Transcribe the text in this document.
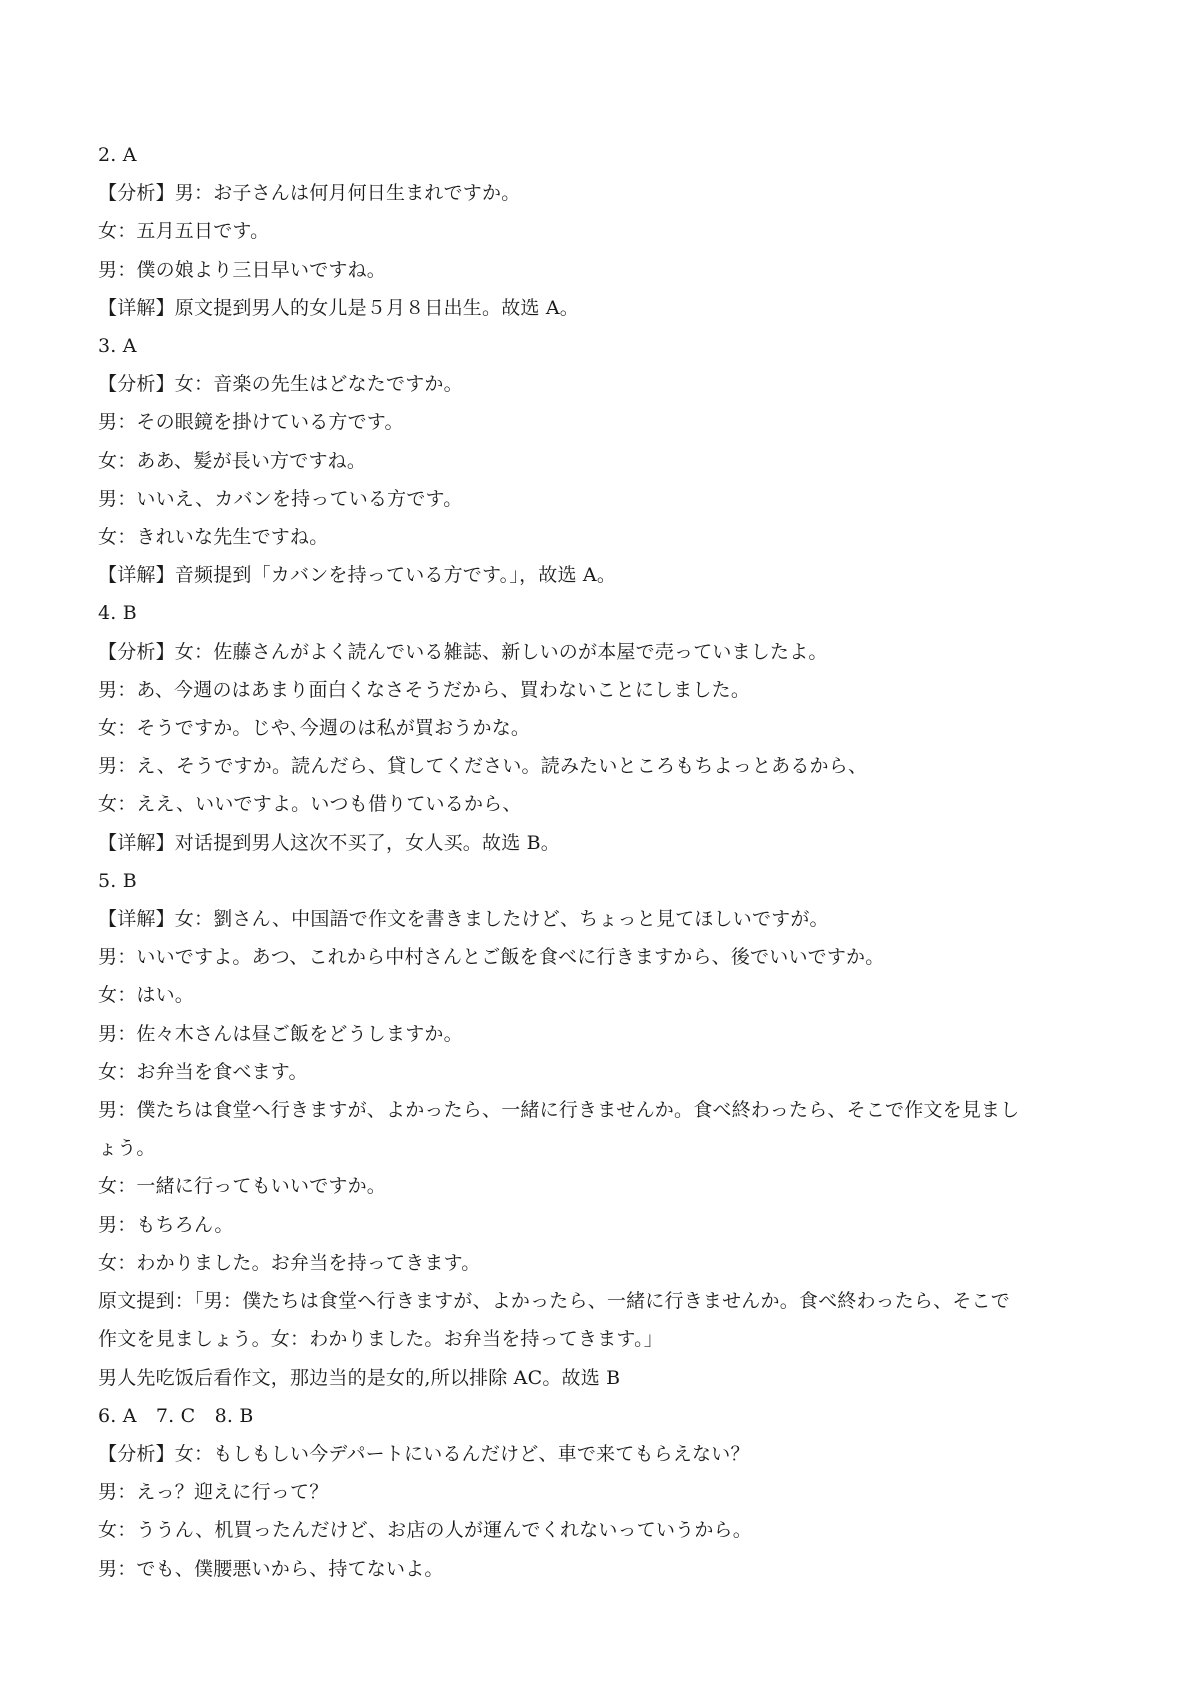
2. A
【分析】男：お子さんは何月何日生まれですか。
女：五月五日です。
男：僕の娘より三日早いですね。
【详解】原文提到男人的女儿是５月８日出生。故选 A。
3. A
【分析】女：音楽の先生はどなたですか。
男：その眼鏡を掛けている方です。
女：ああ、髪が長い方ですね。
男：いいえ、カバンを持っている方です。
女：きれいな先生ですね。
【详解】音频提到「カバンを持っている方です。」，故选 A。
4. B
【分析】女：佐藤さんがよく読んでいる雑誌、新しいのが本屋で売っていましたよ。
男：あ、今週のはあまり面白くなさそうだから、買わないことにしました。
女：そうですか。じや､今週のは私が買おうかな。
男：え、そうですか。読んだら、貸してください。読みたいところもちよっとあるから、
女：ええ、いいですよ。いつも借りているから、
【详解】对话提到男人这次不买了，女人买。故选 B。
5. B
【详解】女：劉さん、中国語で作文を書きましたけど、ちょっと見てほしいですが。
男：いいですよ。あつ、これから中村さんとご飯を食べに行きますから、後でいいですか。
女：はい。
男：佐々木さんは昼ご飯をどうしますか。
女：お弁当を食べます。
男：僕たちは食堂へ行きますが、よかったら、一緒に行きませんか。食べ終わったら、そこで作文を見まし
ょう。
女：一緒に行ってもいいですか。
男：もちろん。
女：わかりました。お弁当を持ってきます。
原文提到：「男：僕たちは食堂へ行きますが、よかったら、一緒に行きませんか。食べ終わったら、そこで
作文を見ましょう。女：わかりました。お弁当を持ってきます。」
男人先吃饭后看作文，那边当的是女的,所以排除 AC。故选 B
6. A　7. C　8. B
【分析】女：もしもしい今デパートにいるんだけど、車で来てもらえない？
男：えっ？迎えに行って？
女：ううん、机買ったんだけど、お店の人が運んでくれないっていうから。
男：でも、僕腰悪いから、持てないよ。
